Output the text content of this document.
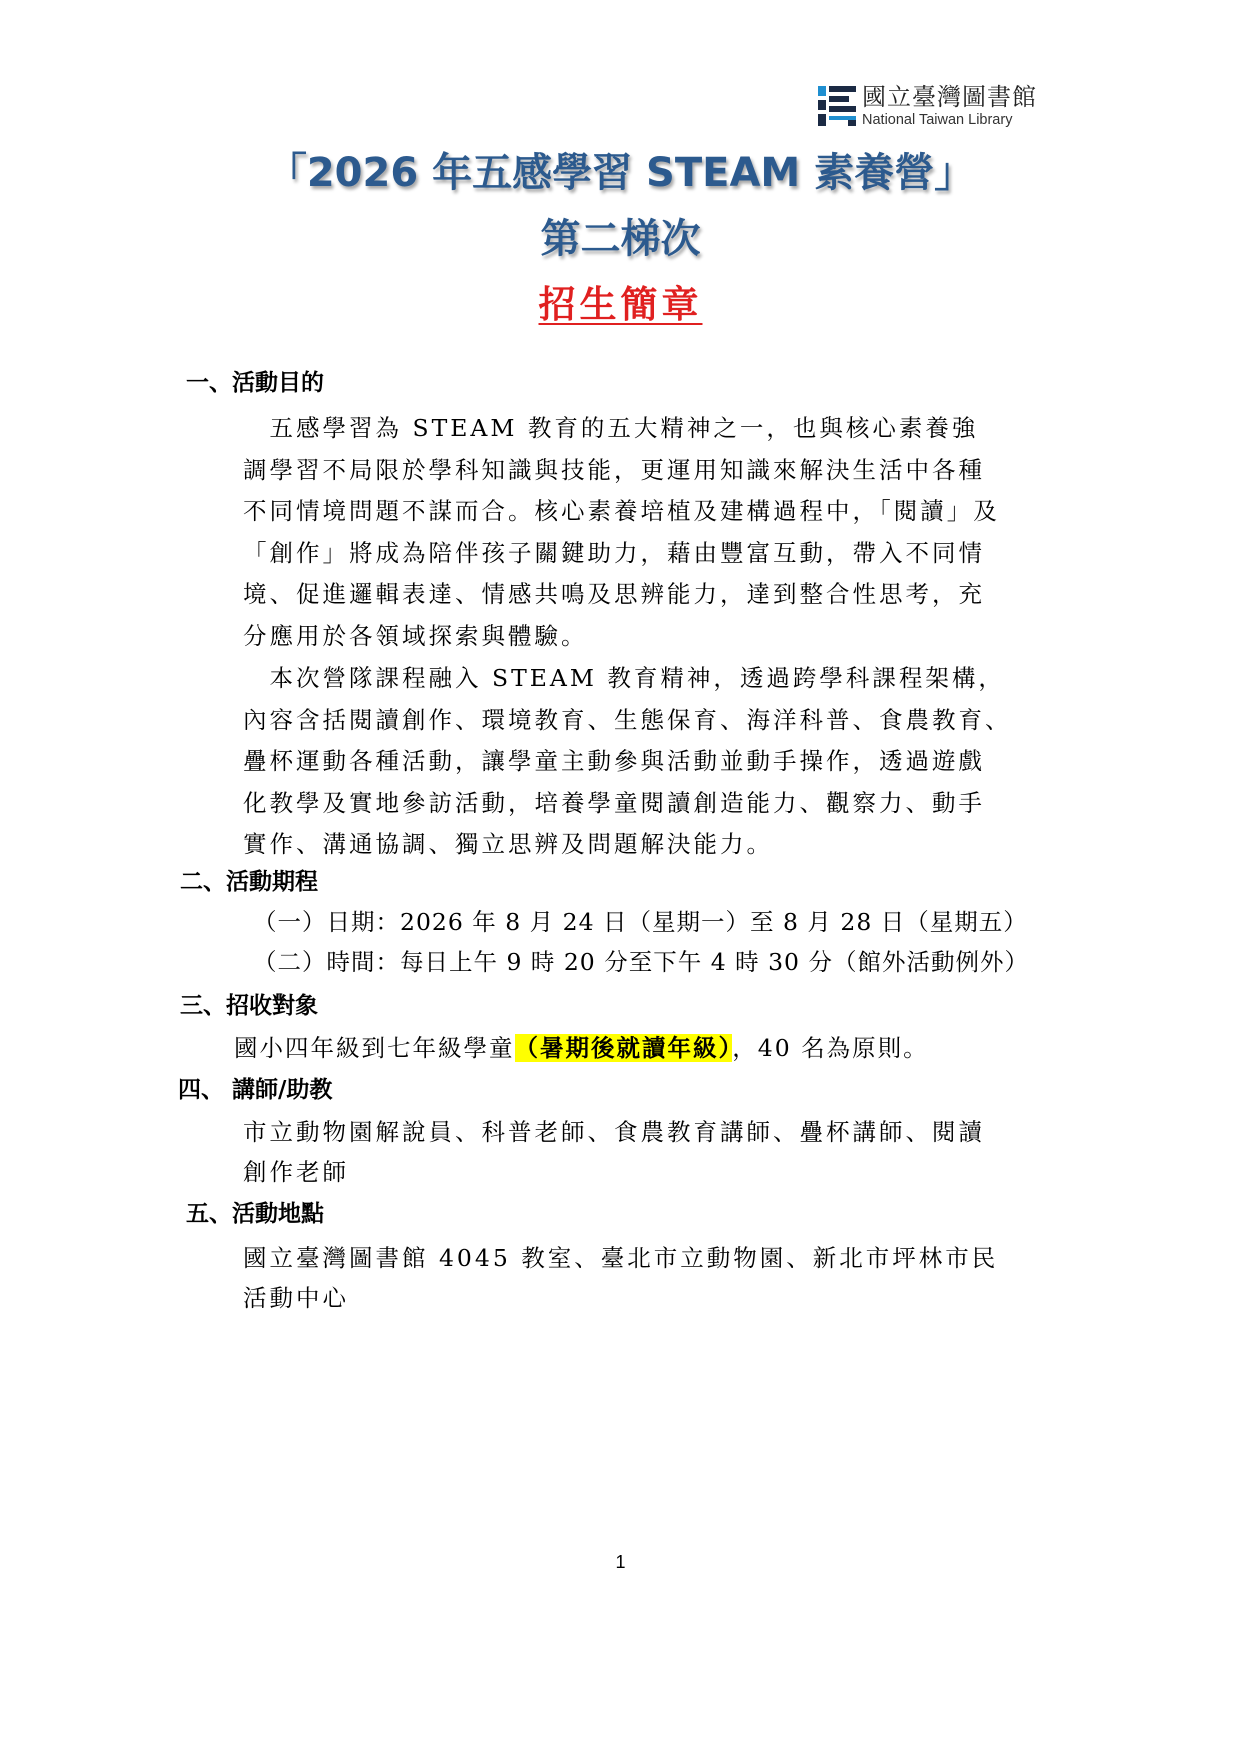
國立臺灣圖書館
National Taiwan Library
「2026 年五感學習 STEAM 素養營」
第二梯次
招生簡章
一、活動目的

　五感學習為 STEAM 教育的五大精神之一，也與核心素養強

調學習不局限於學科知識與技能，更運用知識來解決生活中各種

不同情境問題不謀而合。核心素養培植及建構過程中，「閱讀」及

「創作」將成為陪伴孩子關鍵助力，藉由豐富互動，帶入不同情

境、促進邏輯表達、情感共鳴及思辨能力，達到整合性思考，充

分應用於各領域探索與體驗。

　本次營隊課程融入 STEAM 教育精神，透過跨學科課程架構，

內容含括閱讀創作、環境教育、生態保育、海洋科普、食農教育、

疊杯運動各種活動，讓學童主動參與活動並動手操作，透過遊戲

化教學及實地參訪活動，培養學童閱讀創造能力、觀察力、動手

實作、溝通協調、獨立思辨及問題解決能力。

二、活動期程
（一）日期：2026 年 8 月 24 日（星期一）至 8 月 28 日（星期五）
（二）時間：每日上午 9 時 20 分至下午 4 時 30 分（館外活動例外）
三、招收對象
國小四年級到七年級學童（暑期後就讀年級），40 名為原則。
四、 講師/助教

市立動物園解說員、科普老師、食農教育講師、疊杯講師、閱讀

創作老師

五、活動地點

國立臺灣圖書館 4045 教室、臺北市立動物園、新北市坪林市民

活動中心

1
